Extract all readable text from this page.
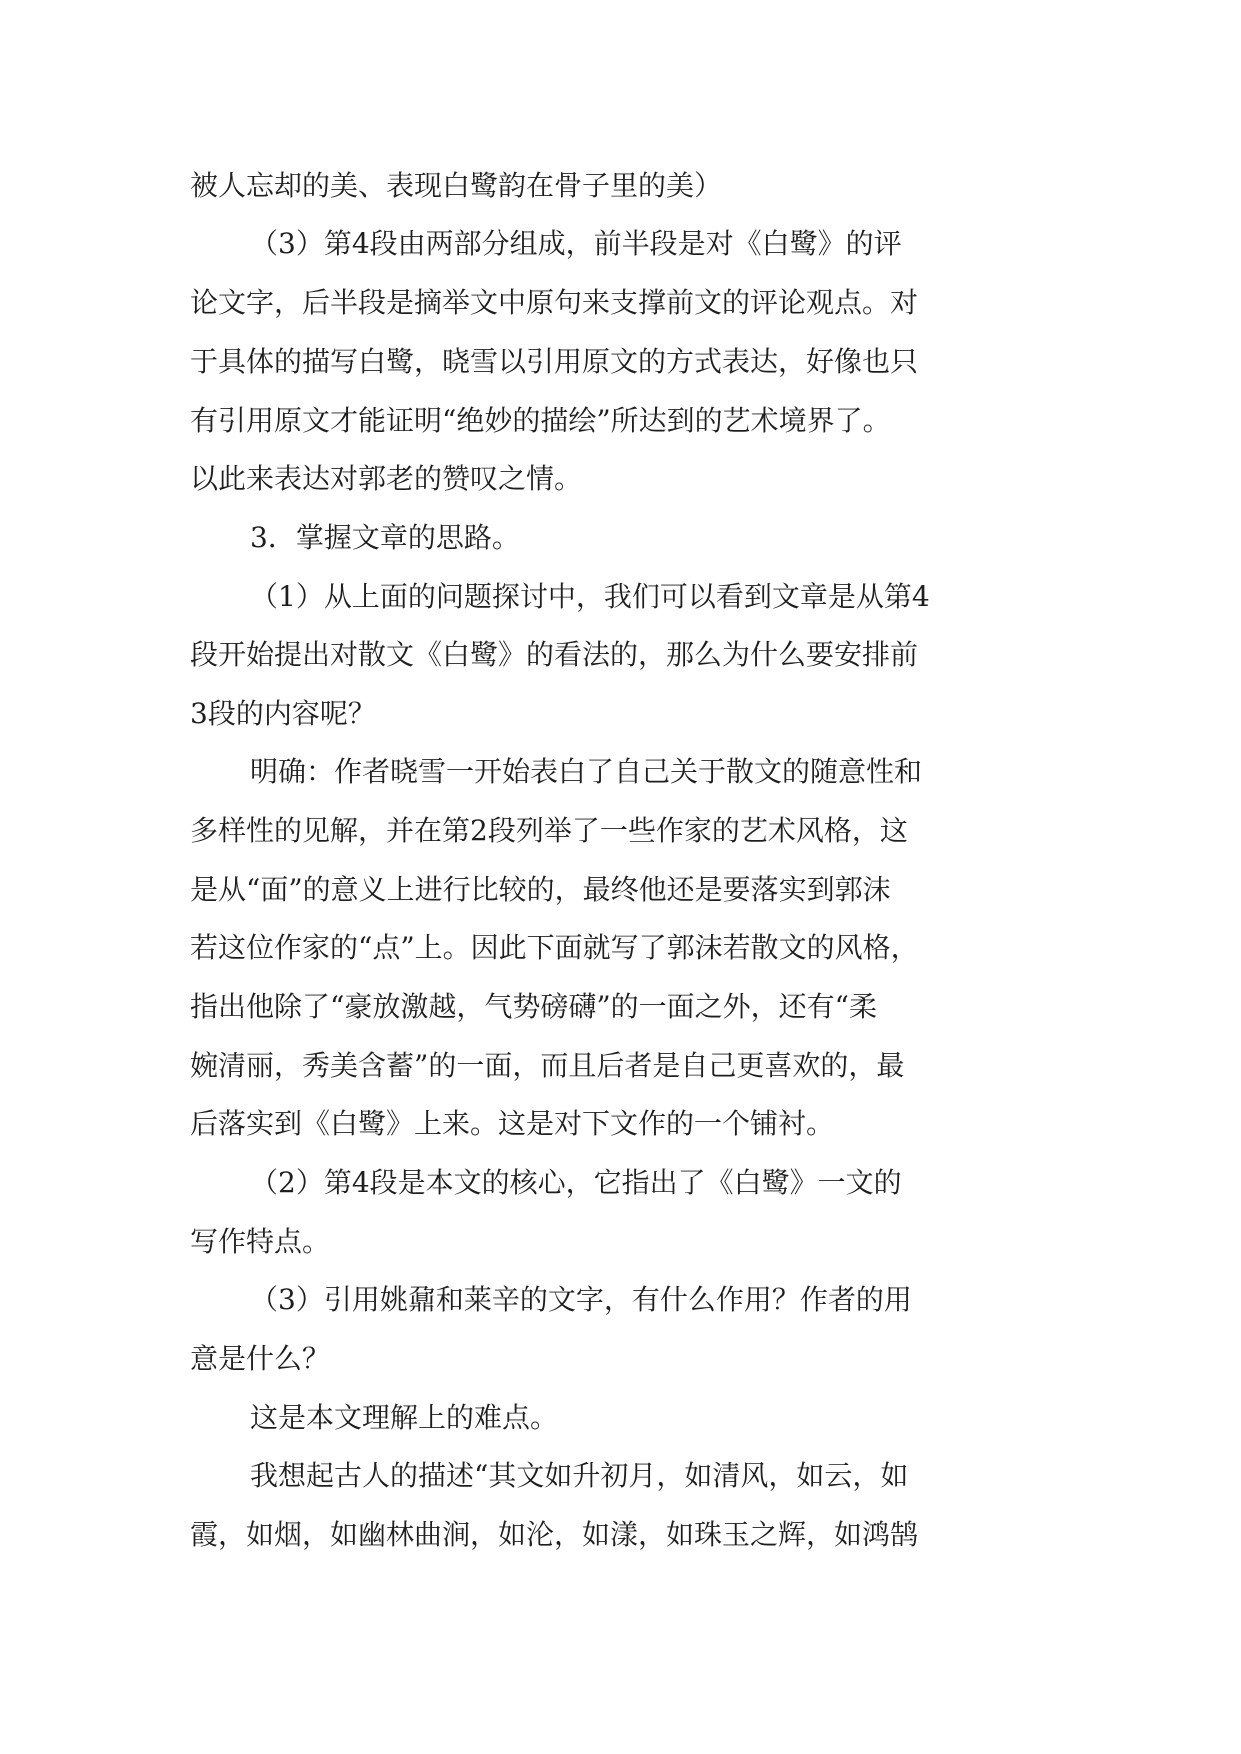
被人忘却的美、表现白鹭韵在骨子里的美）

（3）第4段由两部分组成，前半段是对《白鹭》的评

论文字，后半段是摘举文中原句来支撑前文的评论观点。对

于具体的描写白鹭，晓雪以引用原文的方式表达，好像也只

有引用原文才能证明“绝妙的描绘”所达到的艺术境界了。

以此来表达对郭老的赞叹之情。

3．掌握文章的思路。

（1）从上面的问题探讨中，我们可以看到文章是从第4

段开始提出对散文《白鹭》的看法的，那么为什么要安排前

3段的内容呢？

明确：作者晓雪一开始表白了自己关于散文的随意性和

多样性的见解，并在第2段列举了一些作家的艺术风格，这

是从“面”的意义上进行比较的，最终他还是要落实到郭沫

若这位作家的“点”上。因此下面就写了郭沫若散文的风格，

指出他除了“豪放激越，气势磅礴”的一面之外，还有“柔

婉清丽，秀美含蓄”的一面，而且后者是自己更喜欢的，最

后落实到《白鹭》上来。这是对下文作的一个铺衬。

（2）第4段是本文的核心，它指出了《白鹭》一文的

写作特点。

（3）引用姚鼐和莱辛的文字，有什么作用？作者的用

意是什么？

这是本文理解上的难点。

我想起古人的描述“其文如升初月，如清风，如云，如

霞，如烟，如幽林曲涧，如沦，如漾，如珠玉之辉，如鸿鹄
